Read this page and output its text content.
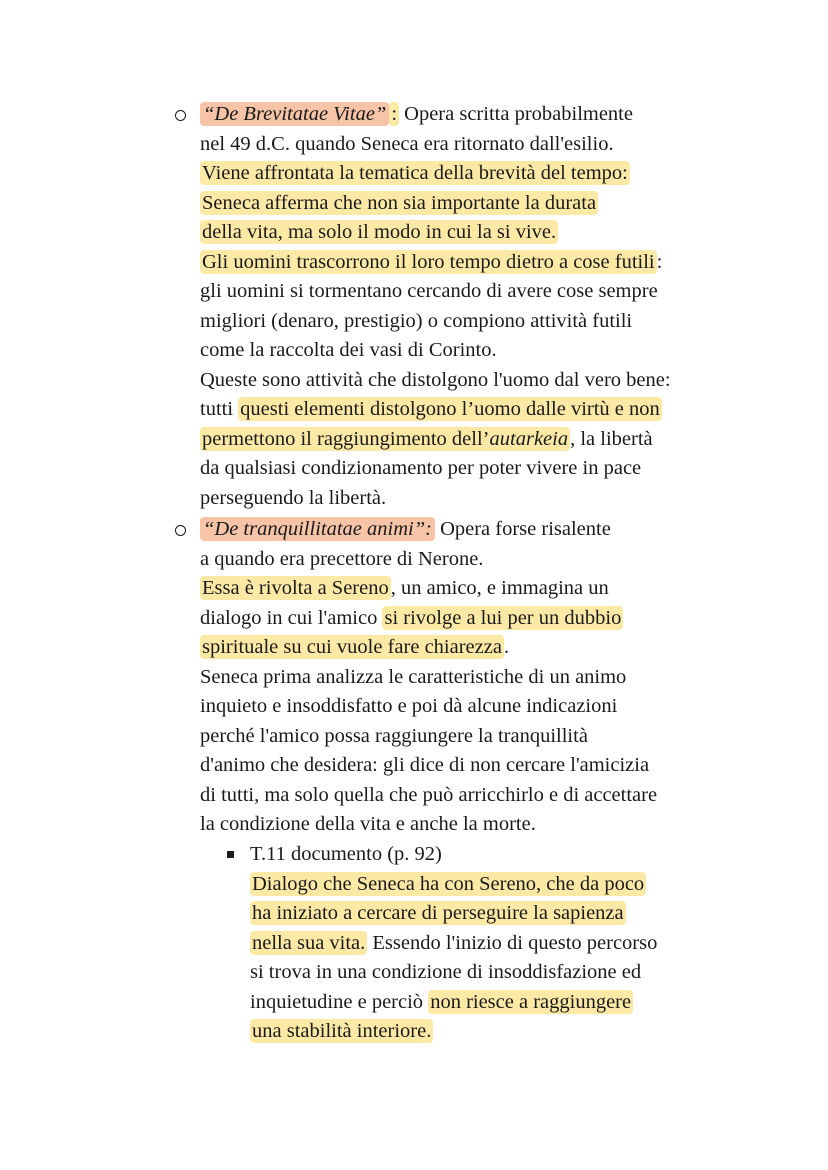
“De Brevitatae Vitae” : Opera scritta probabilmente
nel 49 d.C. quando Seneca era ritornato dall'esilio.
Viene affrontata la tematica della brevità del tempo:
Seneca afferma che non sia importante la durata
della vita, ma solo il modo in cui la si vive.
Gli uomini trascorrono il loro tempo dietro a cose futili:
gli uomini si tormentano cercando di avere cose sempre
migliori (denaro, prestigio) o compiono attività futili
come la raccolta dei vasi di Corinto.
Queste sono attività che distolgono l'uomo dal vero bene:
tutti questi elementi distolgono l’uomo dalle virtù e non
permettono il raggiungimento dell’autarkeia, la libertà
da qualsiasi condizionamento per poter vivere in pace
perseguendo la libertà.
“De tranquillitatae animi”: Opera forse risalente
a quando era precettore di Nerone.
Essa è rivolta a Sereno, un amico, e immagina un
dialogo in cui l'amico si rivolge a lui per un dubbio
spirituale su cui vuole fare chiarezza.
Seneca prima analizza le caratteristiche di un animo
inquieto e insoddisfatto e poi dà alcune indicazioni
perché l'amico possa raggiungere la tranquillità
d'animo che desidera: gli dice di non cercare l'amicizia
di tutti, ma solo quella che può arricchirlo e di accettare
la condizione della vita e anche la morte.
T.11 documento (p. 92)
Dialogo che Seneca ha con Sereno, che da poco
ha iniziato a cercare di perseguire la sapienza
nella sua vita. Essendo l'inizio di questo percorso
si trova in una condizione di insoddisfazione ed
inquietudine e perciò non riesce a raggiungere
una stabilità interiore.
